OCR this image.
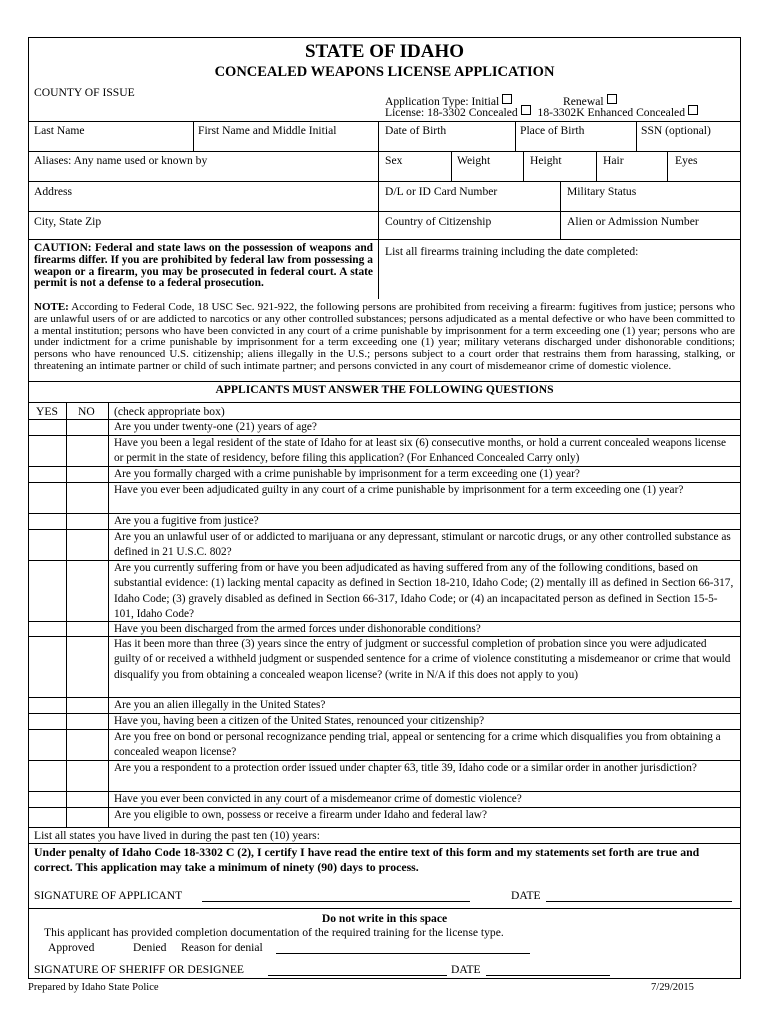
STATE OF IDAHO
CONCEALED WEAPONS LICENSE APPLICATION
COUNTY OF ISSUE
Application Type: Initial	Renewal
License: 18-3302 Concealed 18-3302K Enhanced Concealed
Last Name	First Name and Middle Initial	Date of Birth	Place of Birth	SSN (optional)
Aliases: Any name used or known by	Sex	Weight	Height	Hair	Eyes
Address	D/L or ID Card Number	Military Status
City, State Zip	Country of Citizenship	Alien or Admission Number
CAUTION: Federal and state laws on the possession of weapons and firearms differ. If you are prohibited by federal law from possessing a weapon or a firearm, you may be prosecuted in federal court. A state permit is not a defense to a federal prosecution.
List all firearms training including the date completed:
NOTE: According to Federal Code, 18 USC Sec. 921-922, the following persons are prohibited from receiving a firearm: fugitives from justice; persons who are unlawful users of or are addicted to narcotics or any other controlled substances; persons adjudicated as a mental defective or who have been committed to a mental institution; persons who have been convicted in any court of a crime punishable by imprisonment for a term exceeding one (1) year; persons who are under indictment for a crime punishable by imprisonment for a term exceeding one (1) year; military veterans discharged under dishonorable conditions; persons who have renounced U.S. citizenship; aliens illegally in the U.S.; persons subject to a court order that restrains them from harassing, stalking, or threatening an intimate partner or child of such intimate partner; and persons convicted in any court of misdemeanor crime of domestic violence.
APPLICANTS MUST ANSWER THE FOLLOWING QUESTIONS
YES NO (check appropriate box)
Are you under twenty-one (21) years of age?
Have you been a legal resident of the state of Idaho for at least six (6) consecutive months, or hold a current concealed weapons license or permit in the state of residency, before filing this application? (For Enhanced Concealed Carry only)
Are you formally charged with a crime punishable by imprisonment for a term exceeding one (1) year?
Have you ever been adjudicated guilty in any court of a crime punishable by imprisonment for a term exceeding one (1) year?
Are you a fugitive from justice?
Are you an unlawful user of or addicted to marijuana or any depressant, stimulant or narcotic drugs, or any other controlled substance as defined in 21 U.S.C. 802?
Are you currently suffering from or have you been adjudicated as having suffered from any of the following conditions, based on substantial evidence: (1) lacking mental capacity as defined in Section 18-210, Idaho Code; (2) mentally ill as defined in Section 66-317, Idaho Code; (3) gravely disabled as defined in Section 66-317, Idaho Code; or (4) an incapacitated person as defined in Section 15-5-101, Idaho Code?
Have you been discharged from the armed forces under dishonorable conditions?
Has it been more than three (3) years since the entry of judgment or successful completion of probation since you were adjudicated guilty of or received a withheld judgment or suspended sentence for a crime of violence constituting a misdemeanor or crime that would disqualify you from obtaining a concealed weapon license? (write in N/A if this does not apply to you)
Are you an alien illegally in the United States?
Have you, having been a citizen of the United States, renounced your citizenship?
Are you free on bond or personal recognizance pending trial, appeal or sentencing for a crime which disqualifies you from obtaining a concealed weapon license?
Are you a respondent to a protection order issued under chapter 63, title 39, Idaho code or a similar order in another jurisdiction?
Have you ever been convicted in any court of a misdemeanor crime of domestic violence?
Are you eligible to own, possess or receive a firearm under Idaho and federal law?
List all states you have lived in during the past ten (10) years:
Under penalty of Idaho Code 18-3302 C (2), I certify I have read the entire text of this form and my statements set forth are true and correct. This application may take a minimum of ninety (90) days to process.
SIGNATURE OF APPLICANT	DATE
Do not write in this space
This applicant has provided completion documentation of the required training for the license type.
Approved	Denied Reason for denial
SIGNATURE OF SHERIFF OR DESIGNEE	DATE
Prepared by Idaho State Police	7/29/2015
